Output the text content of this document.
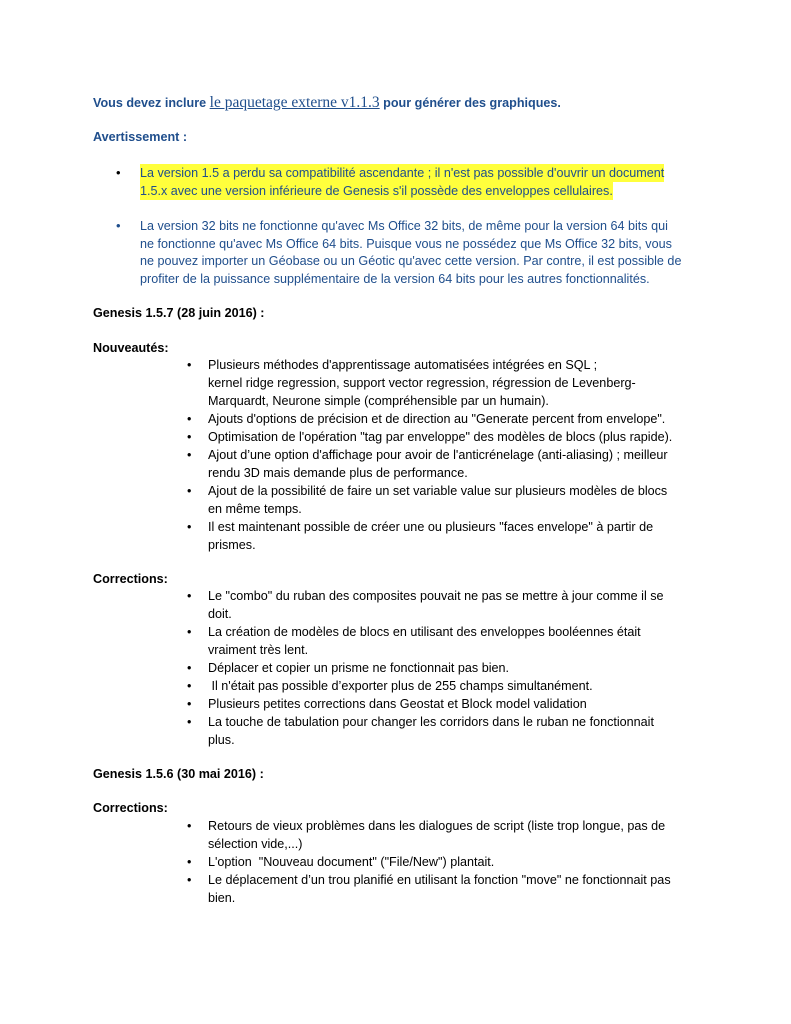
Vous devez inclure le paquetage externe v1.1.3 pour générer des graphiques.
Avertissement :
• La version 1.5 a perdu sa compatibilité ascendante ; il n'est pas possible d'ouvrir un document
1.5.x avec une version inférieure de Genesis s'il possède des enveloppes cellulaires.
• La version 32 bits ne fonctionne qu'avec Ms Office 32 bits, de même pour la version 64 bits qui
ne fonctionne qu'avec Ms Office 64 bits. Puisque vous ne possédez que Ms Office 32 bits, vous
ne pouvez importer un Géobase ou un Géotic qu'avec cette version. Par contre, il est possible de
profiter de la puissance supplémentaire de la version 64 bits pour les autres fonctionnalités.
Genesis 1.5.7 (28 juin 2016) :
Nouveautés:
• Plusieurs méthodes d'apprentissage automatisées intégrées en SQL ;
kernel ridge regression, support vector regression, régression de Levenberg-
Marquardt, Neurone simple (compréhensible par un humain).
• Ajouts d'options de précision et de direction au "Generate percent from envelope".
• Optimisation de l'opération "tag par enveloppe" des modèles de blocs (plus rapide).
• Ajout d’une option d'affichage pour avoir de l'anticrénelage (anti-aliasing) ; meilleur
rendu 3D mais demande plus de performance.
• Ajout de la possibilité de faire un set variable value sur plusieurs modèles de blocs
en même temps.
• Il est maintenant possible de créer une ou plusieurs "faces envelope" à partir de
prismes.
Corrections:
• Le "combo" du ruban des composites pouvait ne pas se mettre à jour comme il se
doit.
• La création de modèles de blocs en utilisant des enveloppes booléennes était
vraiment très lent.
• Déplacer et copier un prisme ne fonctionnait pas bien.
• Il n'était pas possible d’exporter plus de 255 champs simultanément.
• Plusieurs petites corrections dans Geostat et Block model validation
• La touche de tabulation pour changer les corridors dans le ruban ne fonctionnait
plus.
Genesis 1.5.6 (30 mai 2016) :
Corrections:
• Retours de vieux problèmes dans les dialogues de script (liste trop longue, pas de
sélection vide,...)
• L'option  "Nouveau document" ("File/New") plantait.
• Le déplacement d’un trou planifié en utilisant la fonction "move" ne fonctionnait pas
bien.
